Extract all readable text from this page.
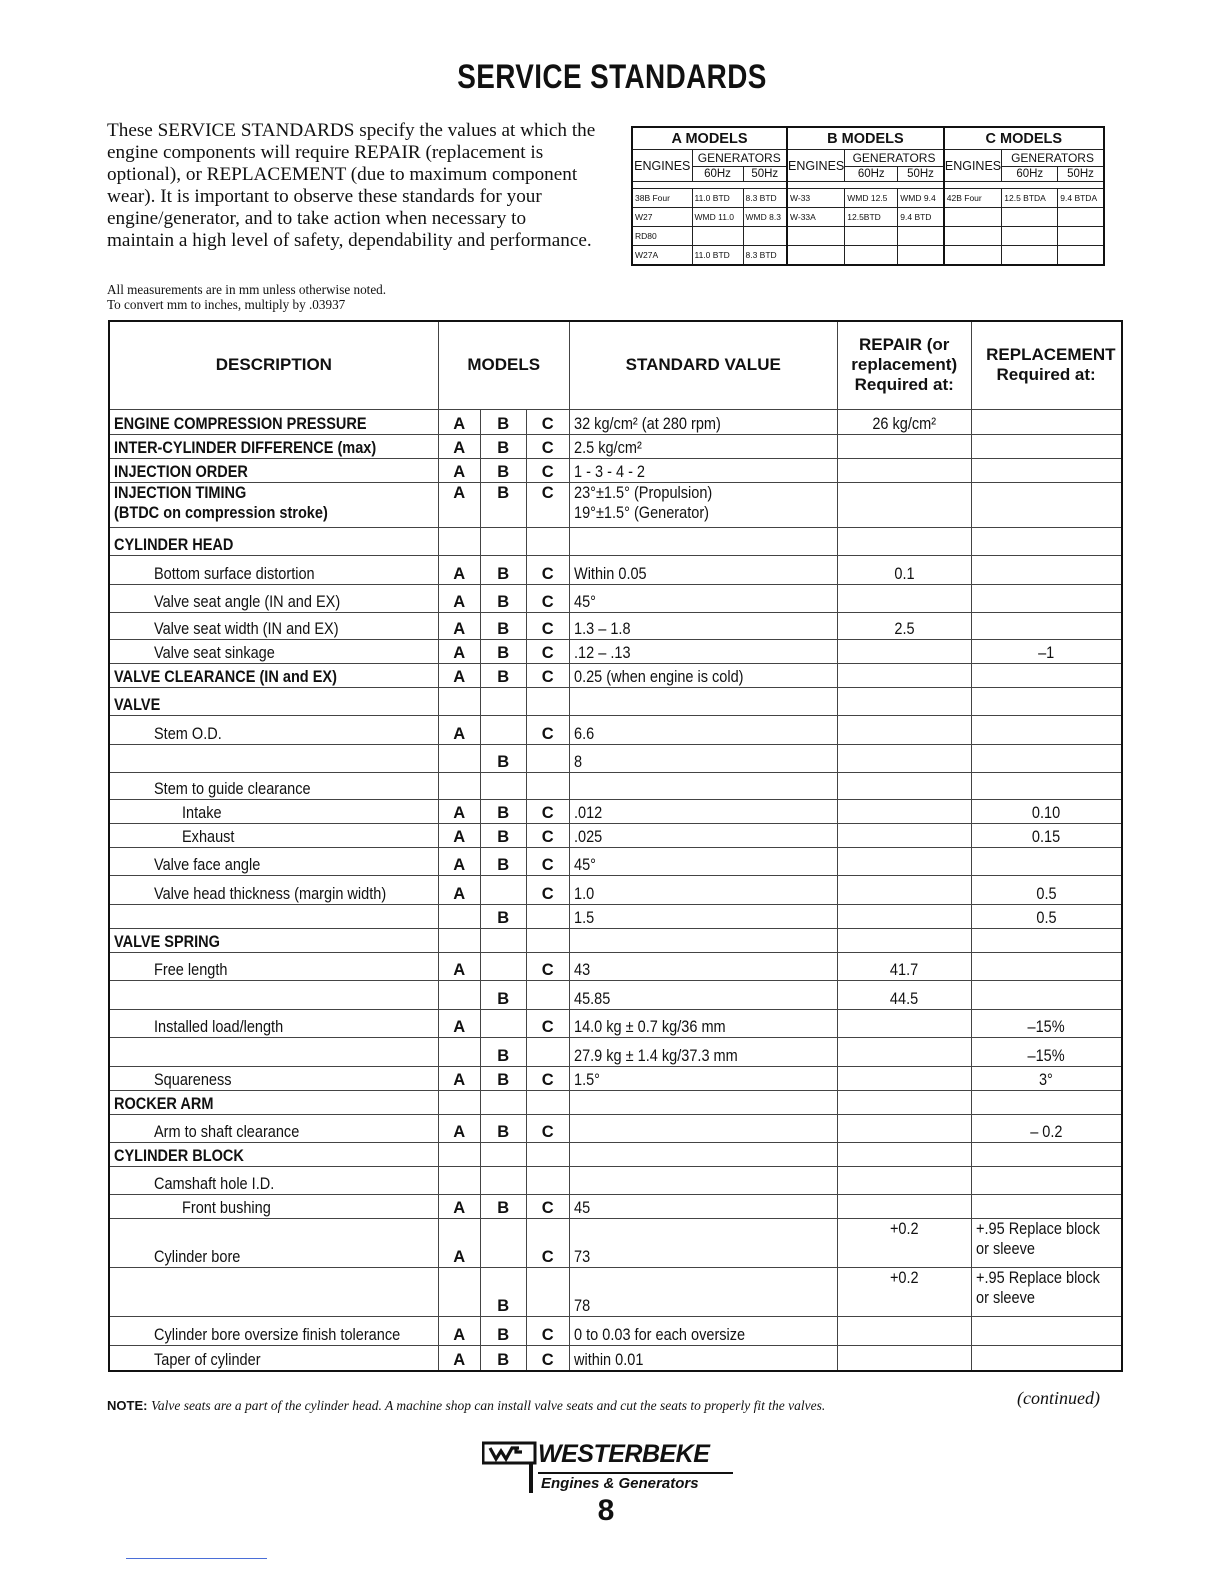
SERVICE STANDARDS
These SERVICE STANDARDS specify the values at which the engine components will require REPAIR (replacement is optional), or REPLACEMENT (due to maximum component wear). It is important to observe these standards for your engine/generator, and to take action when necessary to maintain a high level of safety, dependability and performance.
All measurements are in mm unless otherwise noted.
To convert mm to inches, multiply by .03937
A MODELS			B MODELS			C MODELS		
ENGINES	GENERATORS		ENGINES	GENERATORS		ENGINES	GENERATORS	
	60Hz	50Hz		60Hz	50Hz		60Hz	50Hz

38B Four	11.0 BTD	8.3 BTD	W-33	WMD 12.5	WMD 9.4	42B Four	12.5 BTDA	9.4 BTDA
W27	WMD 11.0	WMD 8.3	W-33A	12.5BTD	9.4 BTD			
RD80								
W27A	11.0 BTD	8.3 BTD						
DESCRIPTION	MODELS			STANDARD VALUE	REPAIR (or replacement) Required at:	REPLACEMENT Required at:

ENGINE COMPRESSION PRESSURE	A	B	C	32 kg/cm² (at 280 rpm)	26 kg/cm²	
INTER-CYLINDER DIFFERENCE (max)	A	B	C	2.5 kg/cm²		
INJECTION ORDER	A	B	C	1 - 3 - 4 - 2		
INJECTION TIMING
(BTDC on compression stroke)	A	B	C	23°±1.5° (Propulsion)
19°±1.5° (Generator)		
CYLINDER HEAD						
Bottom surface distortion	A	B	C	Within 0.05	0.1	
Valve seat angle (IN and EX)	A	B	C	45°		
Valve seat width (IN and EX)	A	B	C	1.3 – 1.8	2.5	
Valve seat sinkage	A	B	C	.12 – .13		–1
VALVE CLEARANCE (IN and EX)	A	B	C	0.25 (when engine is cold)		
VALVE						
Stem O.D.	A		C	6.6		
		B		8		
Stem to guide clearance						
Intake	A	B	C	.012		0.10
Exhaust	A	B	C	.025		0.15
Valve face angle	A	B	C	45°		
Valve head thickness (margin width)	A		C	1.0		0.5
		B		1.5		0.5
VALVE SPRING						
Free length	A		C	43	41.7	
		B		45.85	44.5	
Installed load/length	A		C	14.0 kg ± 0.7 kg/36 mm		–15%
		B		27.9 kg ± 1.4 kg/37.3 mm		–15%
Squareness	A	B	C	1.5°		3°
ROCKER ARM						
Arm to shaft clearance	A	B	C			– 0.2
CYLINDER BLOCK						
Camshaft hole I.D.						
Front bushing	A	B	C	45		
Cylinder bore	A		C	73	+0.2	+.95 Replace block
or sleeve
		B		78	+0.2	+.95 Replace block
or sleeve
Cylinder bore oversize finish tolerance	A	B	C	0 to 0.03 for each oversize		
Taper of cylinder	A	B	C	within 0.01		
NOTE: Valve seats are a part of the cylinder head. A machine shop can install valve seats and cut the seats to properly fit the valves.	(continued)
WESTERBEKE
Engines & Generators
8
